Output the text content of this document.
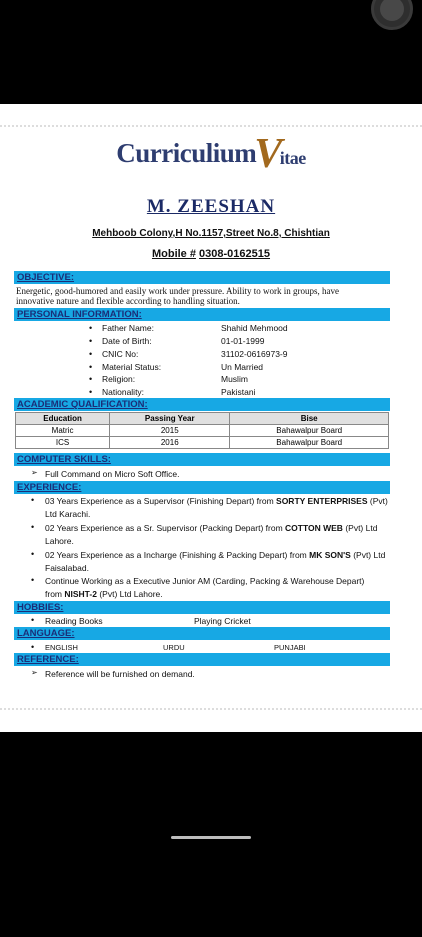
Curriculium
V
itae
M. ZEESHAN
Mehboob Colony,H No.1157,Street No.8, Chishtian
Mobile # 0308-0162515
OBJECTIVE:
Energetic, good-humored and easily work under pressure. Ability to work in groups, have
innovative nature and flexible according to handling situation.
PERSONAL INFORMATION:
• Father Name:	Shahid Mehmood
• Date of Birth:	01-01-1999
• CNIC No:	31102-0616973-9
• Material Status:	Un Married
• Religion:	Muslim
• Nationality:	Pakistani
ACADEMIC QUALIFICATION:
Education	Passing Year	Bise
Matric	2015	Bahawalpur Board
ICS	2016	Bahawalpur Board
COMPUTER SKILLS:
➢ Full Command on Micro Soft Office.
EXPERIENCE:
• 03 Years Experience as a Supervisor (Finishing Depart) from SORTY ENTERPRISES (Pvt)
Ltd Karachi.
• 02 Years Experience as a Sr. Supervisor (Packing Depart) from COTTON WEB (Pvt) Ltd
Lahore.
• 02 Years Experience as a Incharge (Finishing & Packing Depart) from MK SON'S (Pvt) Ltd
Faisalabad.
• Continue Working as a Executive Junior AM (Carding, Packing & Warehouse Depart)
from NISHT-2 (Pvt) Ltd Lahore.
HOBBIES:
• Reading Books	Playing Cricket
LANGUAGE:
• ENGLISH	URDU	PUNJABI
REFERENCE:
➢ Reference will be furnished on demand.
